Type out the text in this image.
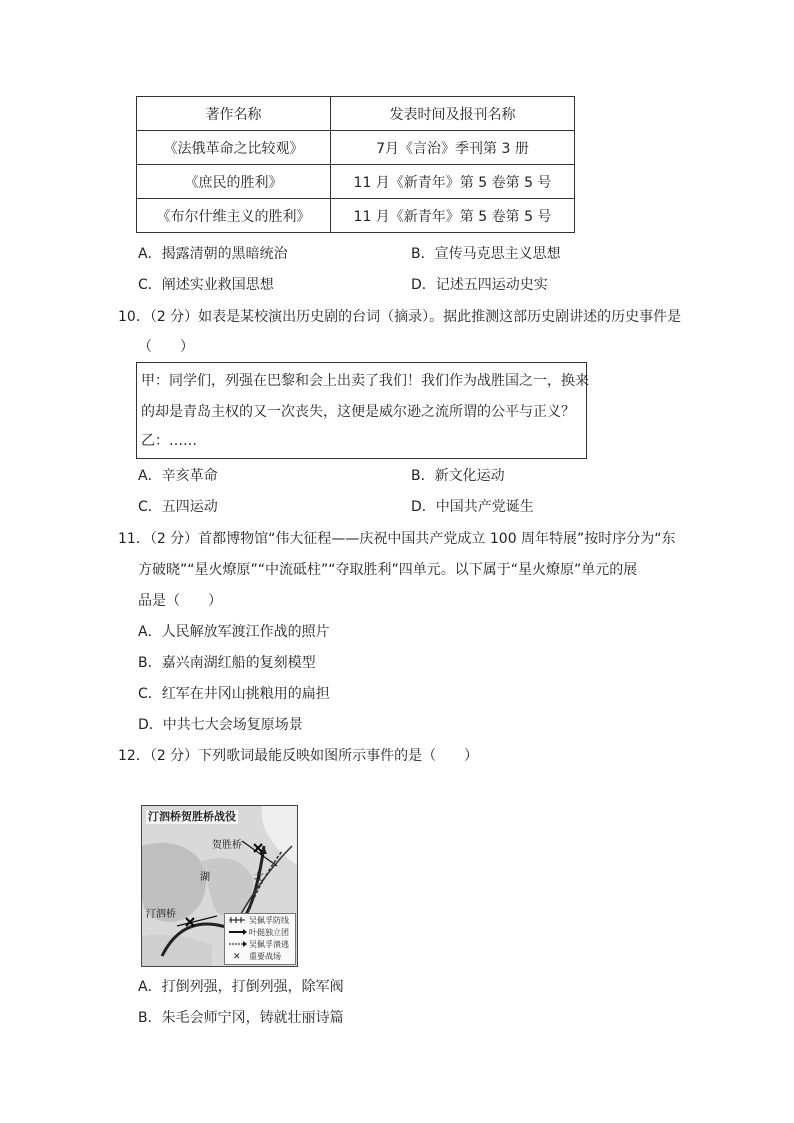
著作名称	发表时间及报刊名称
《法俄革命之比较观》	7月《言治》季刊第 3 册
《庶民的胜利》	11 月《新青年》第 5 卷第 5 号
《布尔什维主义的胜利》	11 月《新青年》第 5 卷第 5 号
A．揭露清朝的黑暗统治	B．宣传马克思主义思想
C．阐述实业救国思想	D．记述五四运动史实
10．（2 分）如表是某校演出历史剧的台词（摘录）。据此推测这部历史剧讲述的历史事件是
（　　）
甲：同学们，列强在巴黎和会上出卖了我们！我们作为战胜国之一，换来
的却是青岛主权的又一次丧失，这便是威尔逊之流所谓的公平与正义？
乙：……
A．辛亥革命	B．新文化运动
C．五四运动	D．中国共产党诞生
11．（2 分）首都博物馆“伟大征程——庆祝中国共产党成立 100 周年特展”按时序分为“东
方破晓”“星火燎原”“中流砥柱”“夺取胜利”四单元。以下属于“星火燎原”单元的展
品是（　　）
A．人民解放军渡江作战的照片
B．嘉兴南湖红船的复刻模型
C．红军在井冈山挑粮用的扁担
D．中共七大会场复原场景
12．（2 分）下列歌词最能反映如图所示事件的是（　　）
汀泗桥贺胜桥战役
贺胜桥
湖	北
汀泗桥
✕
吴佩孚防线
叶挺独立团
吴佩孚溃逃
重要战场
A．打倒列强，打倒列强，除军阀
B．朱毛会师宁冈，铸就壮丽诗篇
